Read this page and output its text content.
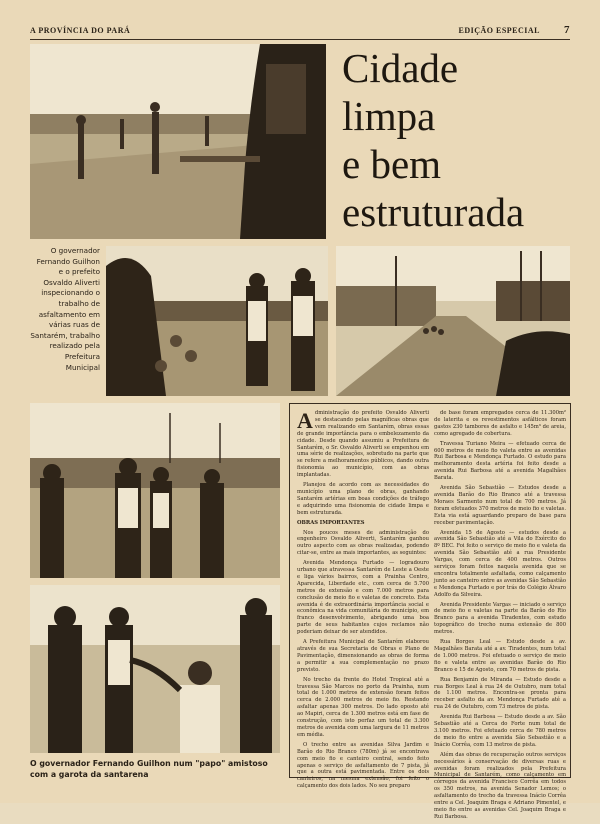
A PROVÍNCIA DO PARÁ	EDIÇÃO ESPECIAL 7
Cidade
limpa
e bem
estruturada
O governador Fernando Guilhon e o prefeito Osvaldo Aliverti inspecionando o trabalho de asfaltamento em várias ruas de Santarém, trabalho realizado pela Prefeitura Municipal
O governador Fernando Guilhon num "papo" amistoso com a garota da santarena

Administração do prefeito Osvaldo Aliverti se destacando pelas magníficas obras que vem realizando em Santarém, obras essas de grande importância para o embelezamento da cidade. Desde quando assumiu a Prefeitura de Santarém, o Sr. Osvaldo Aliverti se empenhou em uma série de realizações, sobretudo na parte que se refere a melhoramentos públicos, dando outra fisionomia ao município, com as obras implantadas.

Planejou de acordo com as necessidades do município uma plano de obras, ganhando Santarém artérias em boas condições de tráfego e adquirindo uma fisionomia de cidade limpa e bem estruturada.

OBRAS IMPORTANTES

Nos poucos meses de administração do engenheiro Osvaldo Aliverti, Santarém ganhou outro aspecto com as obras realizadas, podendo citar-se, entre as mais importantes, as seguintes:

Avenida Mendonça Furtado — logradouro urbano que atravessa Santarém de Leste a Oeste e liga vários bairros, com a Prainha Centro, Aparecida, Liberdade etc., com cerca de 5.700 metros de extensão e com 7.000 metros para conclusão de meio fio e valetas de concreto. Esta avenida é de extraordinária importância social e econômica na vida comunitária do município, em franco desenvolvimento, abrigando uma boa parte de seus habitantes cujos reclamos não poderiam deixar de ser atendidos.

A Prefeitura Municipal de Santarém elaborou através de sua Secretaria de Obras e Plano de Pavimentação, dimensionando as obras de forma a permitir a sua complementação no prazo previsto.

No trecho da frente do Hotel Tropical até a travessa São Marcos no porto da Prainha, num total de 1.000 metros de extensão foram feitos cerca de 2.000 metros de meio fio. Restando asfaltar apenas 300 metros. Do lado oposto até ao Mapiri, cerca de 1.300 metros está em fase de construção, com isto perfaz um total de 3.300 metros de avenida com uma largura de 11 metros em média.

O trecho entre as avenidas Silva Jardim e Barão do Rio Branco (780m) já se encontrava com meio fio e canteiro central, sendo feito apenas o serviço de asfaltamento de 7 pista, já que a outra está pavimentada. Entre os dois canteiros, na mesma extensão, foi feito o calçamento dos dois lados. No seu preparo

de base foram empregados cerca de 11.300m² de laterita e os revestimentos asfálticos foram gastos 230 tambores de asfalto e 145m³ de areia, como agregado de cobertura.

Travessa Turiano Meira — efetuado cerca de 600 metros de meio fio valeta entre as avenidas Rui Barbosa e Mendonça Furtado. O estudo para melhoramento desta artéria foi feito desde a avenida Rui Barbosa até a avenida Magalhães Barata.

Avenida São Sebastião — Estudos desde a avenida Barão do Rio Branco até a travessa Moraes Sarmento num total de 700 metros. Já foram efetuados 370 metros de meio fio e valetas. Esta via está aguardando preparo de base para receber pavimentação.

Avenida 15 de Agosto — estudos desde a avenida São Sebastião até a Vila do Exército do 8º BEC. Foi feito o serviço de meio fio e valeta da avenida São Sebastião até a rua Presidente Vargas, com cerca de 400 metros. Outros serviços foram feitos naquela avenida que se encontra totalmente asfaltada, como calçamento junto ao canteiro entre as avenidas São Sebastião e Mendonça Furtado e por trás do Colégio Álvaro Adolfo da Silveira.

Avenida Presidente Vargas — iniciado o serviço de meio fio e valetas na parte da Barão do Rio Branco para a avenida Tiradentes, com estudo topográfico do trecho numa extensão de 800 metros.

Rua Borges Leal — Estudo desde a av. Magalhães Barata até a av. Tiradentes, num total de 1.000 metros. Foi efetuado o serviço de meio fio e valeta entre as avenidas Barão do Rio Branco e 15 de Agosto, com 70 metros de pista.

Rua Benjamin de Miranda — Estudo desde a rua Borges Leal à rua 24 de Outubro, num total de 1.100 metros. Encontra-se pronta para receber asfalto da av. Mendonça Furtado até a rua 24 de Outubro, com 73 metros de pista.

Avenida Rui Barbosa — Estudo desde a av. São Sebastião até a Cerca do Forte num total de 3.100 metros. Foi efetuado cerca de 780 metros de meio fio entre a avenida São Sebastião e a Inácio Corrêa, com 13 metros de pista.

Além das obras de recuperação outros serviços necessários à conservação de diversas ruas e avenidas foram realizados pela Prefeitura Municipal de Santarém, como calçamento em córregos da avenida Francisco Corrêa em todos os 350 metros, na avenida Senador Lemos; o asfaltamento do trecho da travessa Inácio Corrêa entre a Cel. Joaquim Braga e Adriano Pimentel, e meio fio entre as avenidas Cel. Joaquim Braga e Rui Barbosa.
